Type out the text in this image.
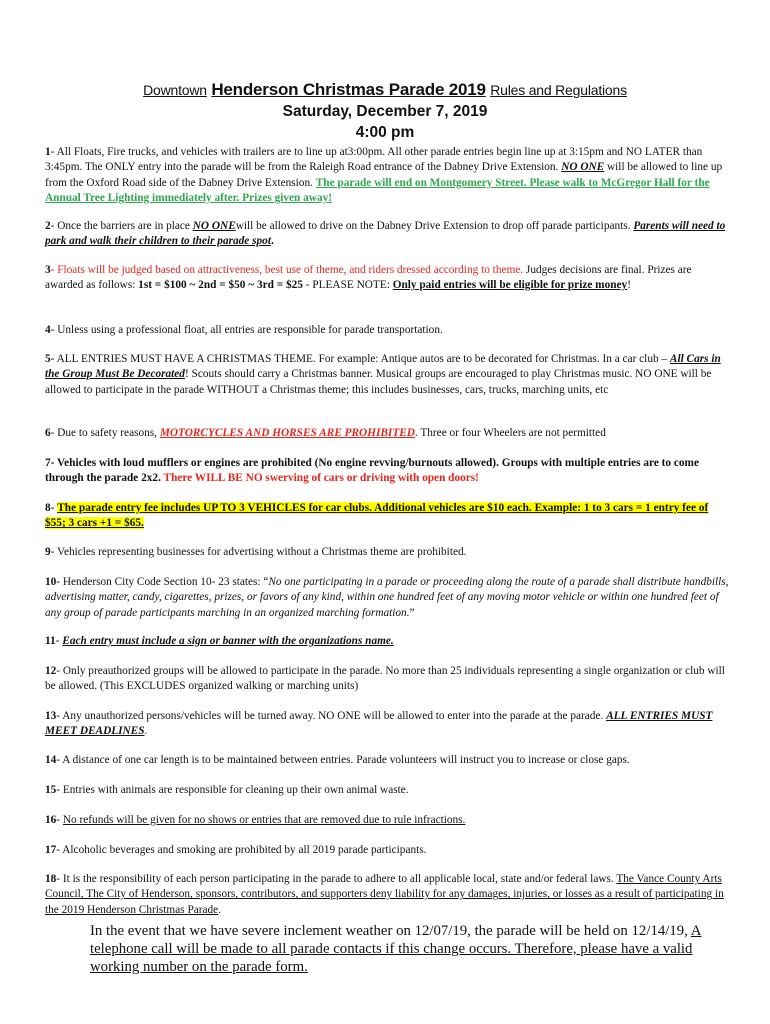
Downtown Henderson Christmas Parade 2019 Rules and Regulations
Saturday, December 7, 2019
4:00 pm
1- All Floats, Fire trucks, and vehicles with trailers are to line up at3:00pm. All other parade entries begin line up at 3:15pm and NO LATER than 3:45pm. The ONLY entry into the parade will be from the Raleigh Road entrance of the Dabney Drive Extension. NO ONE will be allowed to line up from the Oxford Road side of the Dabney Drive Extension. The parade will end on Montgomery Street. Please walk to McGregor Hall for the Annual Tree Lighting immediately after. Prizes given away!
2- Once the barriers are in place NO ONEwill be allowed to drive on the Dabney Drive Extension to drop off parade participants. Parents will need to park and walk their children to their parade spot.
3- Floats will be judged based on attractiveness, best use of theme, and riders dressed according to theme. Judges decisions are final. Prizes are awarded as follows: 1st = $100 ~ 2nd = $50 ~ 3rd = $25 - PLEASE NOTE: Only paid entries will be eligible for prize money!
4- Unless using a professional float, all entries are responsible for parade transportation.
5- ALL ENTRIES MUST HAVE A CHRISTMAS THEME. For example: Antique autos are to be decorated for Christmas. In a car club – All Cars in the Group Must Be Decorated! Scouts should carry a Christmas banner. Musical groups are encouraged to play Christmas music. NO ONE will be allowed to participate in the parade WITHOUT a Christmas theme; this includes businesses, cars, trucks, marching units, etc
6- Due to safety reasons, MOTORCYCLES AND HORSES ARE PROHIBITED. Three or four Wheelers are not permitted
7- Vehicles with loud mufflers or engines are prohibited (No engine revving/burnouts allowed). Groups with multiple entries are to come through the parade 2x2. There WILL BE NO swerving of cars or driving with open doors!
8- The parade entry fee includes UP TO 3 VEHICLES for car clubs. Additional vehicles are $10 each. Example: 1 to 3 cars = 1 entry fee of $55; 3 cars +1 = $65.
9- Vehicles representing businesses for advertising without a Christmas theme are prohibited.
10- Henderson City Code Section 10- 23 states: “No one participating in a parade or proceeding along the route of a parade shall distribute handbills, advertising matter, candy, cigarettes, prizes, or favors of any kind, within one hundred feet of any moving motor vehicle or within one hundred feet of any group of parade participants marching in an organized marching formation.”
11- Each entry must include a sign or banner with the organizations name.
12- Only preauthorized groups will be allowed to participate in the parade. No more than 25 individuals representing a single organization or club will be allowed. (This EXCLUDES organized walking or marching units)
13- Any unauthorized persons/vehicles will be turned away. NO ONE will be allowed to enter into the parade at the parade. ALL ENTRIES MUST MEET DEADLINES.
14- A distance of one car length is to be maintained between entries. Parade volunteers will instruct you to increase or close gaps.
15- Entries with animals are responsible for cleaning up their own animal waste.
16- No refunds will be given for no shows or entries that are removed due to rule infractions.
17- Alcoholic beverages and smoking are prohibited by all 2019 parade participants.
18- It is the responsibility of each person participating in the parade to adhere to all applicable local, state and/or federal laws. The Vance County Arts Council, The City of Henderson, sponsors, contributors, and supporters deny liability for any damages, injuries, or losses as a result of participating in the 2019 Henderson Christmas Parade.
In the event that we have severe inclement weather on 12/07/19, the parade will be held on 12/14/19, A telephone call will be made to all parade contacts if this change occurs. Therefore, please have a valid working number on the parade form.
